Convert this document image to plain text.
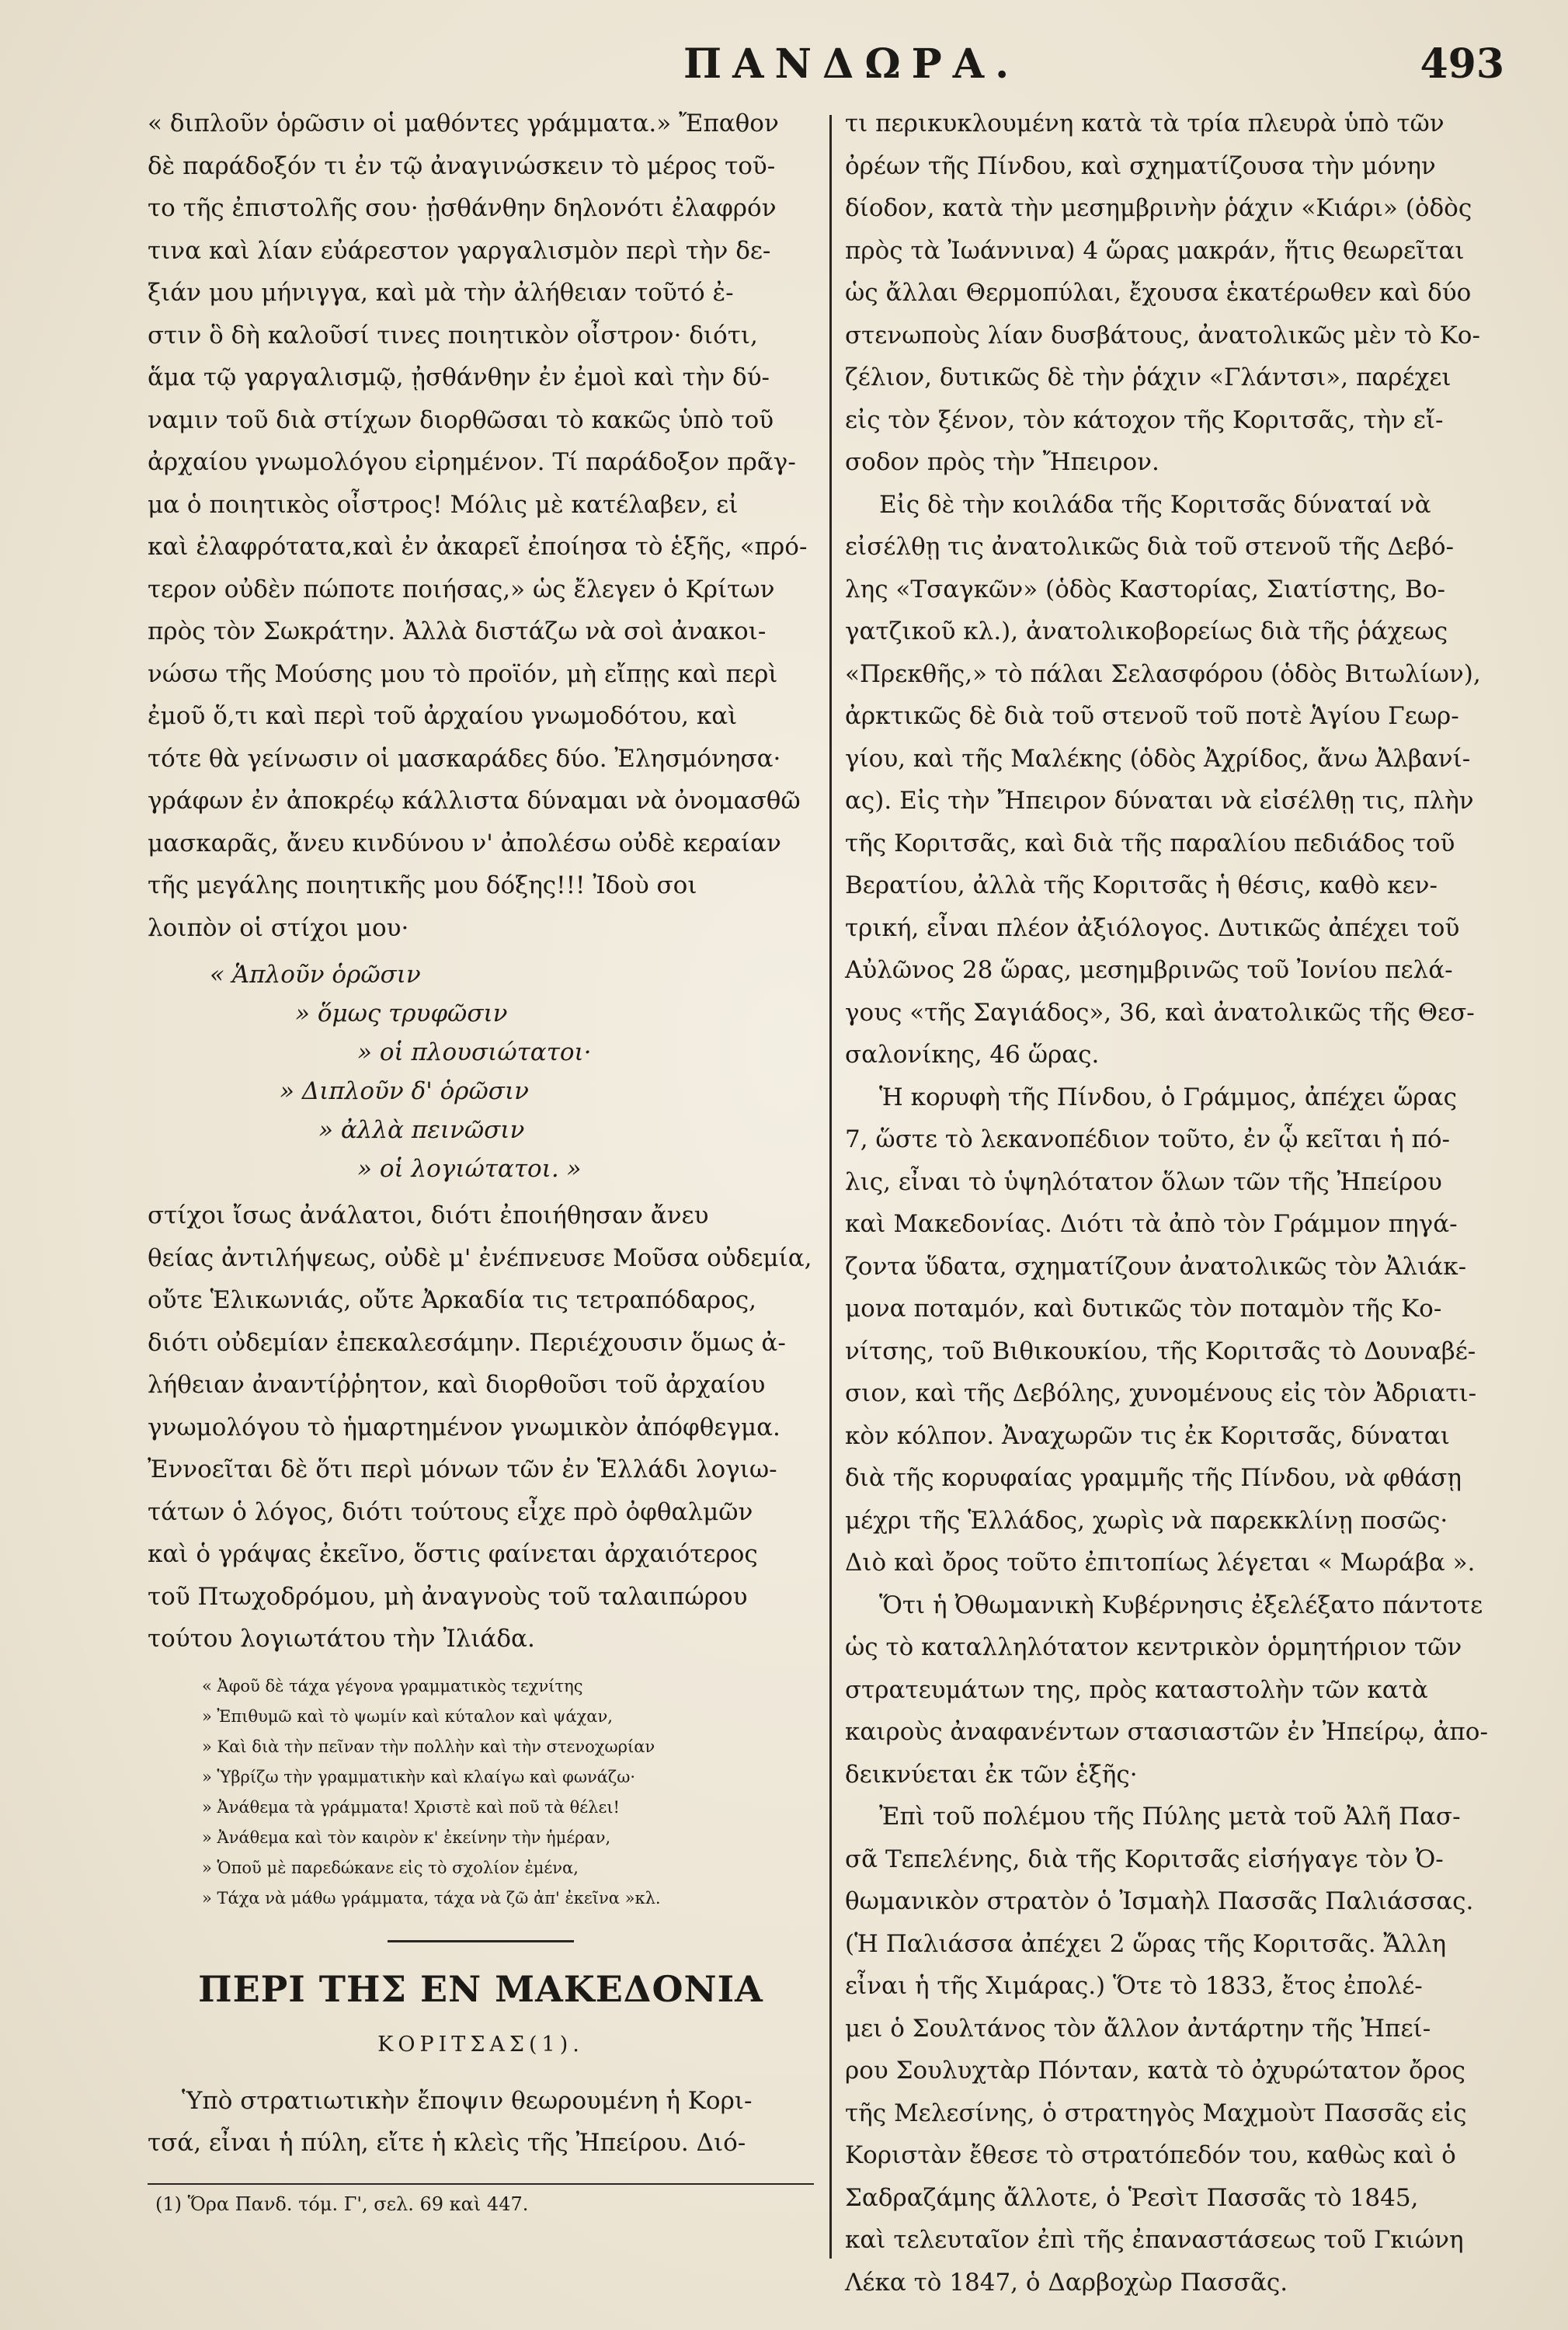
ΠΑΝΔΩΡΑ.	493

« διπλοῦν ὁρῶσιν οἱ μαθόντες γράμματα.» Ἔπαθον
δὲ παράδοξόν τι ἐν τῷ ἀναγινώσκειν τὸ μέρος τοῦ-
το τῆς ἐπιστολῆς σου· ᾐσθάνθην δηλονότι ἐλαφρόν
τινα καὶ λίαν εὐάρεστον γαργαλισμὸν περὶ τὴν δε-
ξιάν μου μήνιγγα, καὶ μὰ τὴν ἀλήθειαν τοῦτό ἐ-
στιν ὃ δὴ καλοῦσί τινες ποιητικὸν οἶστρον· διότι,
ἅμα τῷ γαργαλισμῷ, ᾐσθάνθην ἐν ἐμοὶ καὶ τὴν δύ-
ναμιν τοῦ διὰ στίχων διορθῶσαι τὸ κακῶς ὑπὸ τοῦ
ἀρχαίου γνωμολόγου εἰρημένον. Τί παράδοξον πρᾶγ-
μα ὁ ποιητικὸς οἶστρος! Μόλις μὲ κατέλαβεν, εἰ
καὶ ἐλαφρότατα,καὶ ἐν ἀκαρεῖ ἐποίησα τὸ ἑξῆς, «πρό-
τερον οὐδὲν πώποτε ποιήσας,» ὡς ἔλεγεν ὁ Κρίτων
πρὸς τὸν Σωκράτην. Ἀλλὰ διστάζω νὰ σοὶ ἀνακοι-
νώσω τῆς Μούσης μου τὸ προϊόν, μὴ εἴπῃς καὶ περὶ
ἐμοῦ ὅ,τι καὶ περὶ τοῦ ἀρχαίου γνωμοδότου, καὶ
τότε θὰ γείνωσιν οἱ μασκαράδες δύο. Ἐλησμόνησα·
γράφων ἐν ἀποκρέῳ κάλλιστα δύναμαι νὰ ὀνομασθῶ
μασκαρᾶς, ἄνευ κινδύνου ν' ἀπολέσω οὐδὲ κεραίαν
τῆς μεγάλης ποιητικῆς μου δόξης!!! Ἰδοὺ σοι
λοιπὸν οἱ στίχοι μου·

« Ἁπλοῦν ὁρῶσιν
» ὅμως τρυφῶσιν
» οἱ πλουσιώτατοι·
» Διπλοῦν δ' ὁρῶσιν
» ἀλλὰ πεινῶσιν
» οἱ λογιώτατοι. »

στίχοι ἴσως ἀνάλατοι, διότι ἐποιήθησαν ἄνευ
θείας ἀντιλήψεως, οὐδὲ μ' ἐνέπνευσε Μοῦσα οὐδεμία,
οὔτε Ἑλικωνιάς, οὔτε Ἀρκαδία τις τετραπόδαρος,
διότι οὐδεμίαν ἐπεκαλεσάμην. Περιέχουσιν ὅμως ἀ-
λήθειαν ἀναντίῤῥητον, καὶ διορθοῦσι τοῦ ἀρχαίου
γνωμολόγου τὸ ἡμαρτημένον γνωμικὸν ἀπόφθεγμα.
Ἐννοεῖται δὲ ὅτι περὶ μόνων τῶν ἐν Ἑλλάδι λογιω-
τάτων ὁ λόγος, διότι τούτους εἶχε πρὸ ὀφθαλμῶν
καὶ ὁ γράψας ἐκεῖνο, ὅστις φαίνεται ἀρχαιότερος
τοῦ Πτωχοδρόμου, μὴ ἀναγνοὺς τοῦ ταλαιπώρου
τούτου λογιωτάτου τὴν Ἰλιάδα.

« Ἀφοῦ δὲ τάχα γέγονα γραμματικὸς τεχνίτης
» Ἐπιθυμῶ καὶ τὸ ψωμίν καὶ κύταλον καὶ ψάχαν,
» Καὶ διὰ τὴν πεῖναν τὴν πολλὴν καὶ τὴν στενοχωρίαν
» Ὑβρίζω τὴν γραμματικὴν καὶ κλαίγω καὶ φωνάζω·
» Ἀνάθεμα τὰ γράμματα! Χριστὲ καὶ ποῦ τὰ θέλει!
» Ἀνάθεμα καὶ τὸν καιρὸν κ' ἐκείνην τὴν ἡμέραν,
» Ὁποῦ μὲ παρεδώκανε εἰς τὸ σχολίον ἐμένα,
» Τάχα νὰ μάθω γράμματα, τάχα νὰ ζῶ ἀπ' ἐκεῖνα »κλ.
ΠΕΡΙ ΤΗΣ ΕΝ ΜΑΚΕΔΟΝΙΑ
ΚΟΡΙΤΣΑΣ(1).

Ὑπὸ στρατιωτικὴν ἔποψιν θεωρουμένη ἡ Κορι-
τσά, εἶναι ἡ πύλη, εἴτε ἡ κλεὶς τῆς Ἠπείρου. Διό-

(1) Ὅρα Πανδ. τόμ. Γ', σελ. 69 καὶ 447.

τι περικυκλουμένη κατὰ τὰ τρία πλευρὰ ὑπὸ τῶν
ὀρέων τῆς Πίνδου, καὶ σχηματίζουσα τὴν μόνην
δίοδον, κατὰ τὴν μεσημβρινὴν ῥάχιν «Κιάρι» (ὁδὸς
πρὸς τὰ Ἰωάννινα) 4 ὥρας μακράν, ἥτις θεωρεῖται
ὡς ἄλλαι Θερμοπύλαι, ἔχουσα ἑκατέρωθεν καὶ δύο
στενωποὺς λίαν δυσβάτους, ἀνατολικῶς μὲν τὸ Κο-
ζέλιον, δυτικῶς δὲ τὴν ῥάχιν «Γλάντσι», παρέχει
εἰς τὸν ξένον, τὸν κάτοχον τῆς Κοριτσᾶς, τὴν εἴ-
σοδον πρὸς τὴν Ἤπειρον.

Εἰς δὲ τὴν κοιλάδα τῆς Κοριτσᾶς δύναταί νὰ
εἰσέλθῃ τις ἀνατολικῶς διὰ τοῦ στενοῦ τῆς Δεβό-
λης «Τσαγκῶν» (ὁδὸς Καστορίας, Σιατίστης, Βο-
γατζικοῦ κλ.), ἀνατολικοβορείως διὰ τῆς ῥάχεως
«Πρεκθῆς,» τὸ πάλαι Σελασφόρου (ὁδὸς Βιτωλίων),
ἀρκτικῶς δὲ διὰ τοῦ στενοῦ τοῦ ποτὲ Ἁγίου Γεωρ-
γίου, καὶ τῆς Μαλέκης (ὁδὸς Ἀχρίδος, ἄνω Ἀλβανί-
ας). Εἰς τὴν Ἤπειρον δύναται νὰ εἰσέλθῃ τις, πλὴν
τῆς Κοριτσᾶς, καὶ διὰ τῆς παραλίου πεδιάδος τοῦ
Βερατίου, ἀλλὰ τῆς Κοριτσᾶς ἡ θέσις, καθὸ κεν-
τρική, εἶναι πλέον ἀξιόλογος. Δυτικῶς ἀπέχει τοῦ
Αὐλῶνος 28 ὥρας, μεσημβρινῶς τοῦ Ἰονίου πελά-
γους «τῆς Σαγιάδος», 36, καὶ ἀνατολικῶς τῆς Θεσ-
σαλονίκης, 46 ὥρας.

Ἡ κορυφὴ τῆς Πίνδου, ὁ Γράμμος, ἀπέχει ὥρας
7, ὥστε τὸ λεκανοπέδιον τοῦτο, ἐν ᾧ κεῖται ἡ πό-
λις, εἶναι τὸ ὑψηλότατον ὅλων τῶν τῆς Ἠπείρου
καὶ Μακεδονίας. Διότι τὰ ἀπὸ τὸν Γράμμον πηγά-
ζοντα ὕδατα, σχηματίζουν ἀνατολικῶς τὸν Ἀλιάκ-
μονα ποταμόν, καὶ δυτικῶς τὸν ποταμὸν τῆς Κο-
νίτσης, τοῦ Βιθικουκίου, τῆς Κοριτσᾶς τὸ Δουναβέ-
σιον, καὶ τῆς Δεβόλης, χυνομένους εἰς τὸν Ἀδριατι-
κὸν κόλπον. Ἀναχωρῶν τις ἐκ Κοριτσᾶς, δύναται
διὰ τῆς κορυφαίας γραμμῆς τῆς Πίνδου, νὰ φθάσῃ
μέχρι τῆς Ἑλλάδος, χωρὶς νὰ παρεκκλίνῃ ποσῶς·
Διὸ καὶ ὄρος τοῦτο ἐπιτοπίως λέγεται « Μωράβα ».

Ὅτι ἡ Ὀθωμανικὴ Κυβέρνησις ἐξελέξατο πάντοτε
ὡς τὸ καταλληλότατον κεντρικὸν ὁρμητήριον τῶν
στρατευμάτων της, πρὸς καταστολὴν τῶν κατὰ
καιροὺς ἀναφανέντων στασιαστῶν ἐν Ἠπείρῳ, ἀπο-
δεικνύεται ἐκ τῶν ἑξῆς·

Ἐπὶ τοῦ πολέμου τῆς Πύλης μετὰ τοῦ Ἀλῆ Πασ-
σᾶ Τεπελένης, διὰ τῆς Κοριτσᾶς εἰσήγαγε τὸν Ὀ-
θωμανικὸν στρατὸν ὁ Ἰσμαὴλ Πασσᾶς Παλιάσσας.
(Ἡ Παλιάσσα ἀπέχει 2 ὥρας τῆς Κοριτσᾶς. Ἄλλη
εἶναι ἡ τῆς Χιμάρας.) Ὅτε τὸ 1833, ἔτος ἐπολέ-
μει ὁ Σουλτάνος τὸν ἄλλον ἀντάρτην τῆς Ἠπεί-
ρου Σουλυχτὰρ Πόνταν, κατὰ τὸ ὀχυρώτατον ὄρος
τῆς Μελεσίνης, ὁ στρατηγὸς Μαχμοὺτ Πασσᾶς εἰς
Κοριστὰν ἔθεσε τὸ στρατόπεδόν του, καθὼς καὶ ὁ
Σαδραζάμης ἄλλοτε, ὁ Ῥεσὶτ Πασσᾶς τὸ 1845,
καὶ τελευταῖον ἐπὶ τῆς ἐπαναστάσεως τοῦ Γκιώνη
Λέκα τὸ 1847, ὁ Δαρβοχὼρ Πασσᾶς.
